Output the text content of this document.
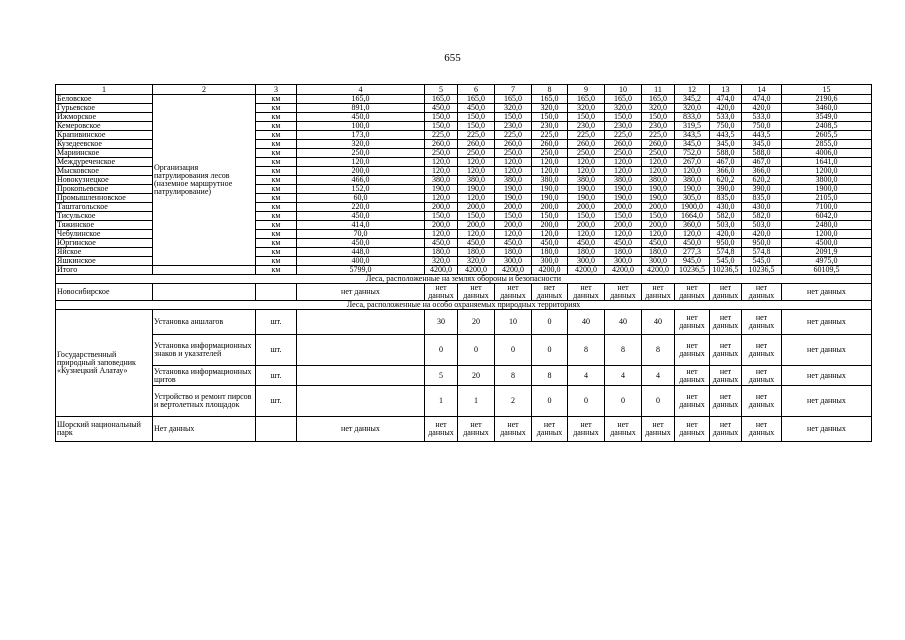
655
1	2	3	4	5	6	7	8	9	10	11	12	13	14	15
Беловское	Организация патрулирования лесов (наземное маршрутное патрулирование)	км	165,0	165,0	165,0	165,0	165,0	165,0	165,0	165,0	345,2	474,0	474,0	2190,6
Гурьевское		км	891,0	450,0	450,0	320,0	320,0	320,0	320,0	320,0	320,0	420,0	420,0	3460,0
Ижморское		км	450,0	150,0	150,0	150,0	150,0	150,0	150,0	150,0	833,0	533,0	533,0	3549,0
Кемеровское		км	100,0	150,0	150,0	230,0	230,0	230,0	230,0	230,0	319,5	750,0	750,0	2408,5
Крапивинское		км	173,0	225,0	225,0	225,0	225,0	225,0	225,0	225,0	343,5	443,5	443,5	2605,5
Кузедеевское		км	320,0	260,0	260,0	260,0	260,0	260,0	260,0	260,0	345,0	345,0	345,0	2855,0
Мариинское		км	250,0	250,0	250,0	250,0	250,0	250,0	250,0	250,0	752,0	588,0	588,0	4006,0
Междуреченское		км	120,0	120,0	120,0	120,0	120,0	120,0	120,0	120,0	267,0	467,0	467,0	1641,0
Мысковское		км	200,0	120,0	120,0	120,0	120,0	120,0	120,0	120,0	120,0	366,0	366,0	1200,0
Новокузнецкое		км	466,0	380,0	380,0	380,0	380,0	380,0	380,0	380,0	380,0	620,2	620,2	3800,0
Прокопьевское		км	152,0	190,0	190,0	190,0	190,0	190,0	190,0	190,0	190,0	390,0	390,0	1900,0
Промышленновское		км	60,0	120,0	120,0	190,0	190,0	190,0	190,0	190,0	305,0	835,0	835,0	2105,0
Таштагольское		км	220,0	200,0	200,0	200,0	200,0	200,0	200,0	200,0	1900,0	430,0	430,0	7100,0
Тисульское		км	450,0	150,0	150,0	150,0	150,0	150,0	150,0	150,0	1664,0	582,0	582,0	6042,0
Тяжинское		км	414,0	200,0	200,0	200,0	200,0	200,0	200,0	200,0	360,0	503,0	503,0	2480,0
Чебулинское		км	70,0	120,0	120,0	120,0	120,0	120,0	120,0	120,0	120,0	420,0	420,0	1200,0
Юргинское		км	450,0	450,0	450,0	450,0	450,0	450,0	450,0	450,0	450,0	950,0	950,0	4500,0
Яйское		км	448,0	180,0	180,0	180,0	180,0	180,0	180,0	180,0	277,3	574,8	574,8	2091,9
Яшкинское		км	400,0	320,0	320,0	300,0	300,0	300,0	300,0	300,0	945,0	545,0	545,0	4975,0
Итого		км	5799,0	4200,0	4200,0	4200,0	4200,0	4200,0	4200,0	4200,0	10236,5	10236,5	10236,5	60109,5
Леса, расположенные на землях обороны и безопасности														
Новосибирское			нет данных	нет данных	нет данных	нет данных	нет данных	нет данных	нет данных	нет данных	нет данных	нет данных	нет данных	нет данных
Леса, расположенные на особо охраняемых природных территориях														
Государственный природный заповедник «Кузнецкий Алатау»	Установка аншлагов	шт.		30	20	10	0	40	40	40	нет данных	нет данных	нет данных	нет данных
	Установка информационных знаков и указателей	шт.		0	0	0	0	8	8	8	нет данных	нет данных	нет данных	нет данных
	Установка информационных щитов	шт.		5	20	8	8	4	4	4	нет данных	нет данных	нет данных	нет данных
	Устройство и ремонт пирсов и вертолетных площадок	шт.		1	1	2	0	0	0	0	нет данных	нет данных	нет данных	нет данных
Шорский национальный парк	Нет данных		нет данных	нет данных	нет данных	нет данных	нет данных	нет данных	нет данных	нет данных	нет данных	нет данных	нет данных	нет данных
